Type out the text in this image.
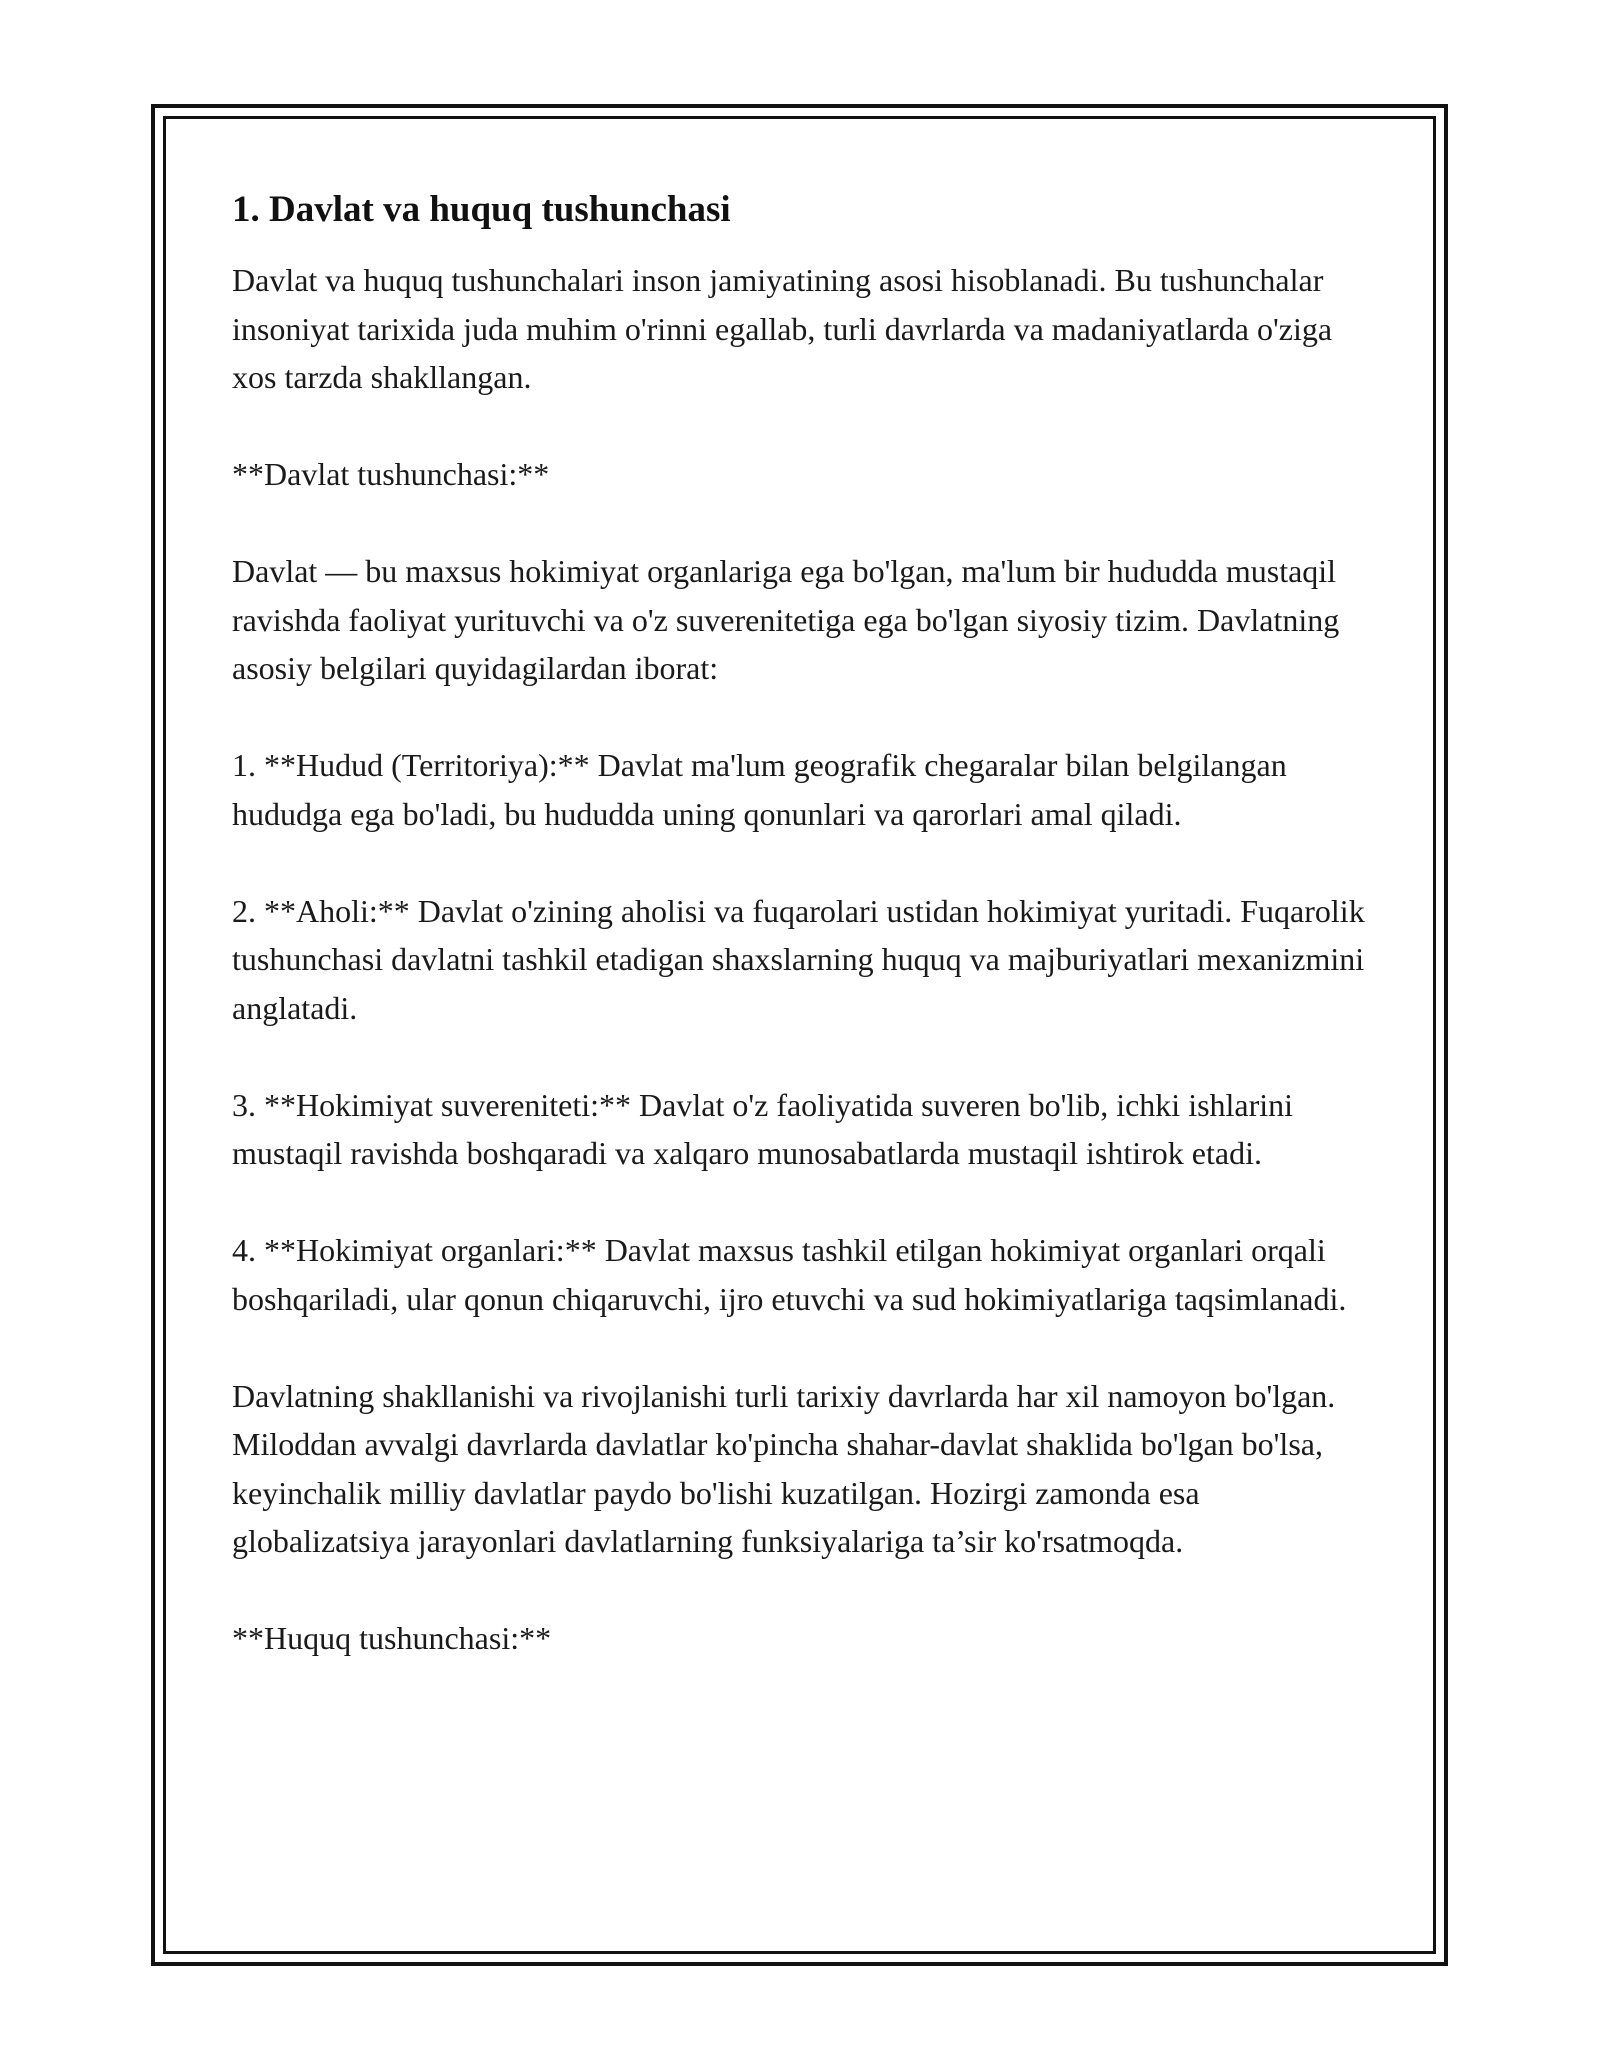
1. Davlat va huquq tushunchasi

Davlat va huquq tushunchalari inson jamiyatining asosi hisoblanadi. Bu tushunchalar insoniyat tarixida juda muhim o'rinni egallab, turli davrlarda va madaniyatlarda o'ziga xos tarzda shakllangan.

**Davlat tushunchasi:**

Davlat — bu maxsus hokimiyat organlariga ega bo'lgan, ma'lum bir hududda mustaqil ravishda faoliyat yurituvchi va o'z suverenitetiga ega bo'lgan siyosiy tizim. Davlatning asosiy belgilari quyidagilardan iborat:

1. **Hudud (Territoriya):** Davlat ma'lum geografik chegaralar bilan belgilangan hududga ega bo'ladi, bu hududda uning qonunlari va qarorlari amal qiladi.

2. **Aholi:** Davlat o'zining aholisi va fuqarolari ustidan hokimiyat yuritadi. Fuqarolik tushunchasi davlatni tashkil etadigan shaxslarning huquq va majburiyatlari mexanizmini anglatadi.

3. **Hokimiyat suvereniteti:** Davlat o'z faoliyatida suveren bo'lib, ichki ishlarini mustaqil ravishda boshqaradi va xalqaro munosabatlarda mustaqil ishtirok etadi.

4. **Hokimiyat organlari:** Davlat maxsus tashkil etilgan hokimiyat organlari orqali boshqariladi, ular qonun chiqaruvchi, ijro etuvchi va sud hokimiyatlariga taqsimlanadi.

Davlatning shakllanishi va rivojlanishi turli tarixiy davrlarda har xil namoyon bo'lgan. Miloddan avvalgi davrlarda davlatlar ko'pincha shahar-davlat shaklida bo'lgan bo'lsa, keyinchalik milliy davlatlar paydo bo'lishi kuzatilgan. Hozirgi zamonda esa globalizatsiya jarayonlari davlatlarning funksiyalariga ta’sir ko'rsatmoqda.

**Huquq tushunchasi:**
